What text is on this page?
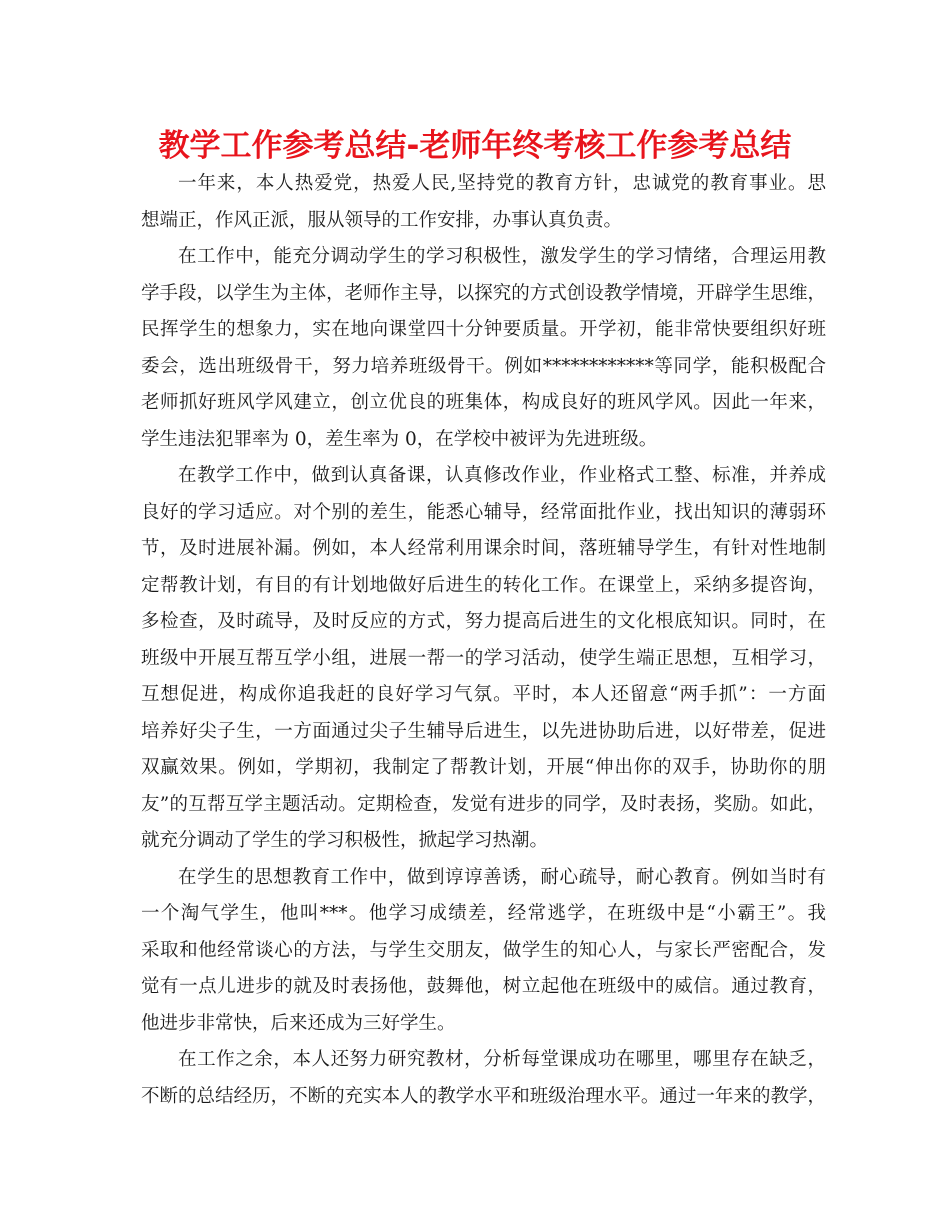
教学工作参考总结-老师年终考核工作参考总结
一年来，本人热爱党，热爱人民,坚持党的教育方针，忠诚党的教育事业。思
想端正，作风正派，服从领导的工作安排，办事认真负责。
在工作中，能充分调动学生的学习积极性，激发学生的学习情绪，合理运用教
学手段，以学生为主体，老师作主导，以探究的方式创设教学情境，开辟学生思维，
民挥学生的想象力，实在地向课堂四十分钟要质量。开学初，能非常快要组织好班
委会，选出班级骨干，努力培养班级骨干。例如************等同学，能积极配合
老师抓好班风学风建立，创立优良的班集体，构成良好的班风学风。因此一年来，
学生违法犯罪率为 0，差生率为 0，在学校中被评为先进班级。
在教学工作中，做到认真备课，认真修改作业，作业格式工整、标准，并养成
良好的学习适应。对个别的差生，能悉心辅导，经常面批作业，找出知识的薄弱环
节，及时进展补漏。例如，本人经常利用课余时间，落班辅导学生，有针对性地制
定帮教计划，有目的有计划地做好后进生的转化工作。在课堂上，采纳多提咨询，
多检查，及时疏导，及时反应的方式，努力提高后进生的文化根底知识。同时，在
班级中开展互帮互学小组，进展一帮一的学习活动，使学生端正思想，互相学习，
互想促进，构成你追我赶的良好学习气氛。平时，本人还留意“两手抓”：一方面
培养好尖子生，一方面通过尖子生辅导后进生，以先进协助后进，以好带差，促进
双赢效果。例如，学期初，我制定了帮教计划，开展“伸出你的双手，协助你的朋
友”的互帮互学主题活动。定期检查，发觉有进步的同学，及时表扬，奖励。如此，
就充分调动了学生的学习积极性，掀起学习热潮。
在学生的思想教育工作中，做到谆谆善诱，耐心疏导，耐心教育。例如当时有
一个淘气学生，他叫***。他学习成绩差，经常逃学，在班级中是“小霸王”。我
采取和他经常谈心的方法，与学生交朋友，做学生的知心人，与家长严密配合，发
觉有一点儿进步的就及时表扬他，鼓舞他，树立起他在班级中的威信。通过教育，
他进步非常快，后来还成为三好学生。
在工作之余，本人还努力研究教材，分析每堂课成功在哪里，哪里存在缺乏，
不断的总结经历，不断的充实本人的教学水平和班级治理水平。通过一年来的教学，
